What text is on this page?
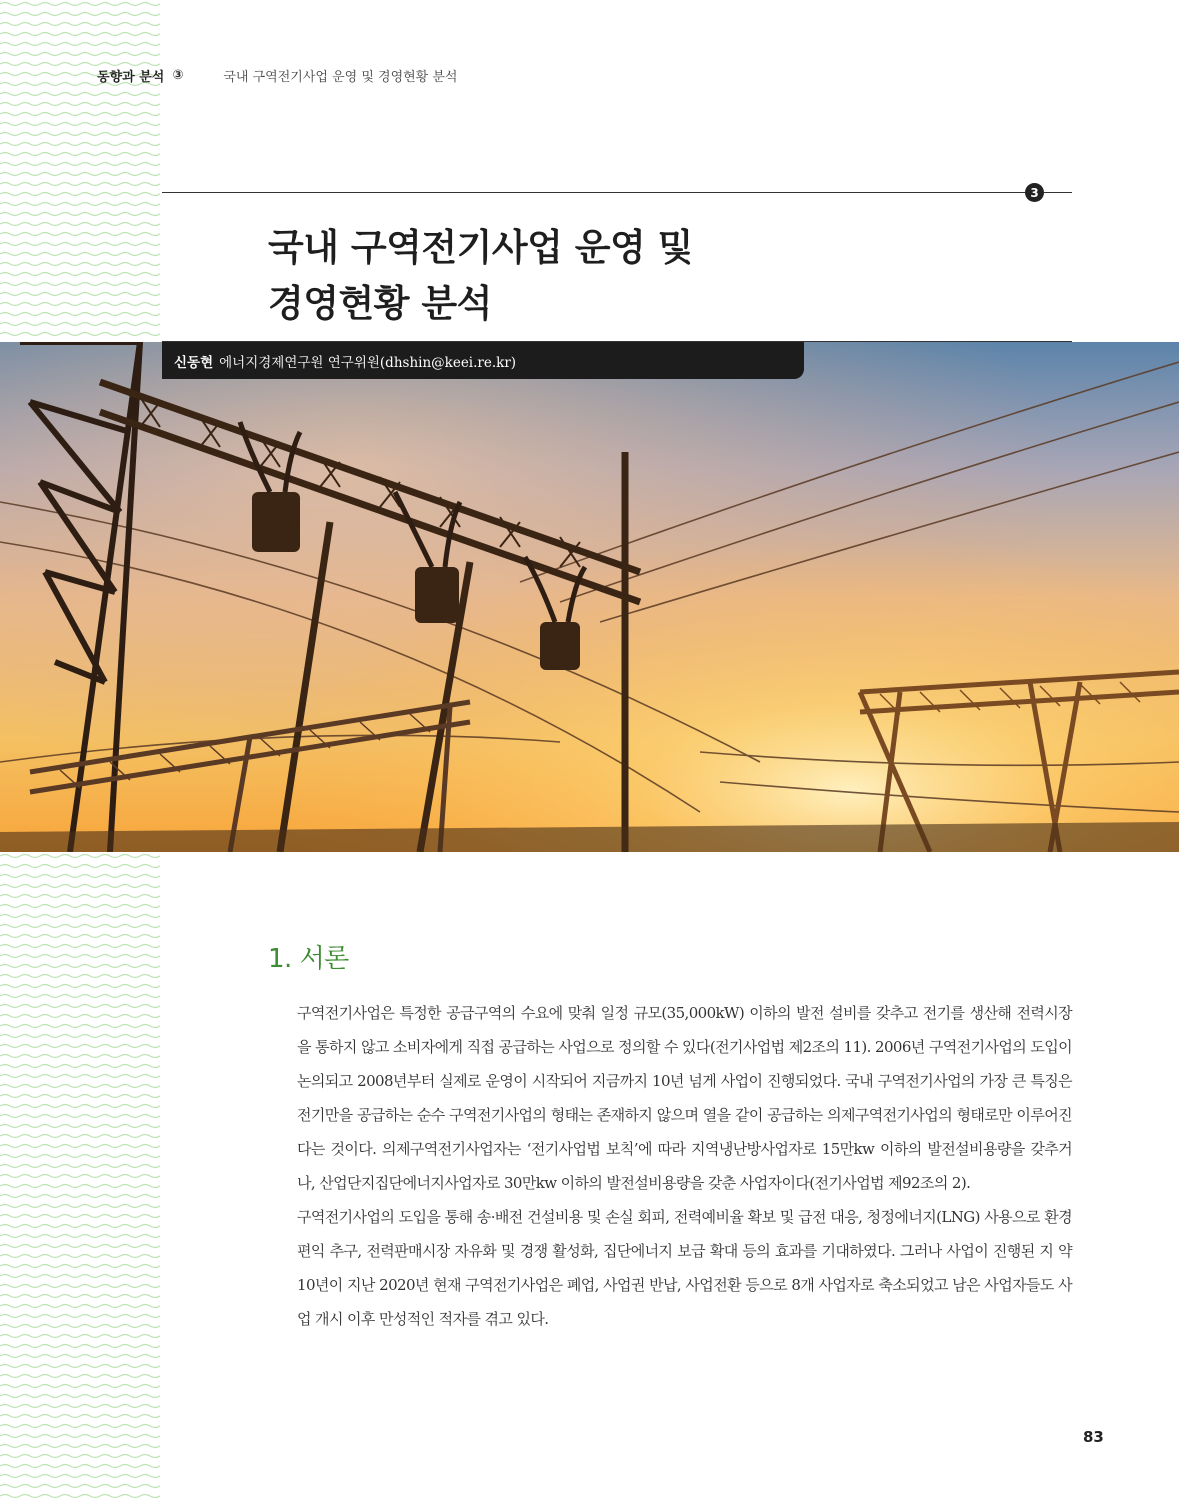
동향과 분석 ③	국내 구역전기사업 운영 및 경영현황 분석
3
국내 구역전기사업 운영 및
경영현황 분석
신동현 에너지경제연구원 연구위원(dhshin@keei.re.kr)
1. 서론

구역전기사업은 특정한 공급구역의 수요에 맞춰 일정 규모(35,000kW) 이하의 발전 설비를 갖추고 전기를 생산해 전력시장을 통하지 않고 소비자에게 직접 공급하는 사업으로 정의할 수 있다(전기사업법 제2조의 11). 2006년 구역전기사업의 도입이 논의되고 2008년부터 실제로 운영이 시작되어 지금까지 10년 넘게 사업이 진행되었다. 국내 구역전기사업의 가장 큰 특징은 전기만을 공급하는 순수 구역전기사업의 형태는 존재하지 않으며 열을 같이 공급하는 의제구역전기사업의 형태로만 이루어진다는 것이다. 의제구역전기사업자는 ‘전기사업법 보칙’에 따라 지역냉난방사업자로 15만kw 이하의 발전설비용량을 갖추거나, 산업단지집단에너지사업자로 30만kw 이하의 발전설비용량을 갖춘 사업자이다(전기사업법 제92조의 2).

구역전기사업의 도입을 통해 송·배전 건설비용 및 손실 회피, 전력예비율 확보 및 급전 대응, 청정에너지(LNG) 사용으로 환경편익 추구, 전력판매시장 자유화 및 경쟁 활성화, 집단에너지 보급 확대 등의 효과를 기대하였다. 그러나 사업이 진행된 지 약 10년이 지난 2020년 현재 구역전기사업은 폐업, 사업권 반납, 사업전환 등으로 8개 사업자로 축소되었고 남은 사업자들도 사업 개시 이후 만성적인 적자를 겪고 있다.

83
